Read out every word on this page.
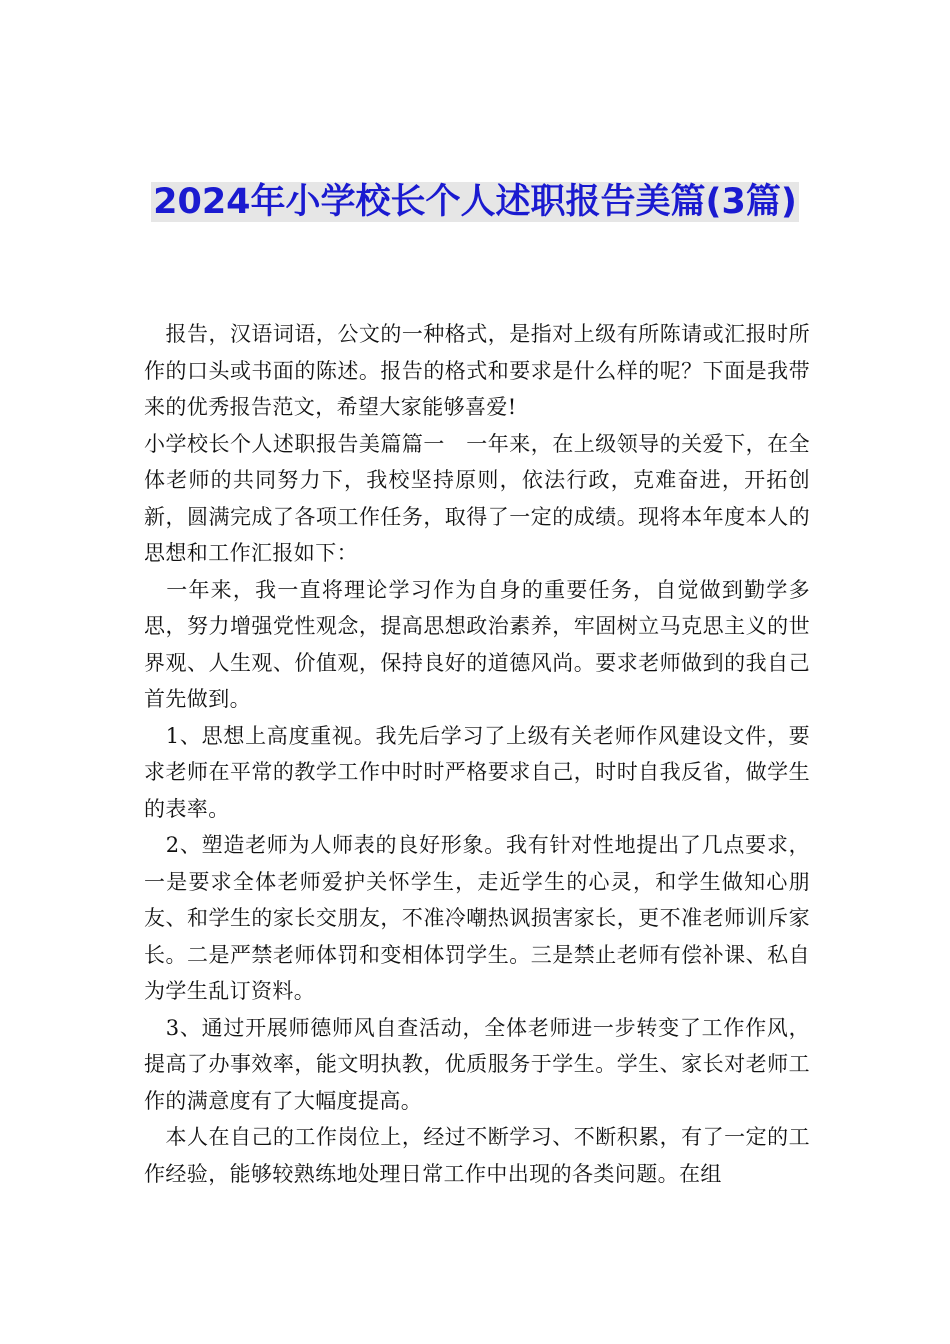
2024年小学校长个人述职报告美篇(3篇)

　报告，汉语词语，公文的一种格式，是指对上级有所陈请或汇报时所作的口头或书面的陈述。报告的格式和要求是什么样的呢？下面是我带来的优秀报告范文，希望大家能够喜爱!

小学校长个人述职报告美篇篇一　一年来，在上级领导的关爱下，在全体老师的共同努力下，我校坚持原则，依法行政，克难奋进，开拓创新，圆满完成了各项工作任务，取得了一定的成绩。现将本年度本人的思想和工作汇报如下：

　一年来，我一直将理论学习作为自身的重要任务，自觉做到勤学多思，努力增强党性观念，提高思想政治素养，牢固树立马克思主义的世界观、人生观、价值观，保持良好的道德风尚。要求老师做到的我自己首先做到。

　1、思想上高度重视。我先后学习了上级有关老师作风建设文件，要求老师在平常的教学工作中时时严格要求自己，时时自我反省，做学生的表率。

　2、塑造老师为人师表的良好形象。我有针对性地提出了几点要求，一是要求全体老师爱护关怀学生，走近学生的心灵，和学生做知心朋友、和学生的家长交朋友，不准冷嘲热讽损害家长，更不准老师训斥家长。二是严禁老师体罚和变相体罚学生。三是禁止老师有偿补课、私自为学生乱订资料。

　3、通过开展师德师风自查活动，全体老师进一步转变了工作作风，提高了办事效率，能文明执教，优质服务于学生。学生、家长对老师工作的满意度有了大幅度提高。

　本人在自己的工作岗位上，经过不断学习、不断积累，有了一定的工作经验，能够较熟练地处理日常工作中出现的各类问题。在组
